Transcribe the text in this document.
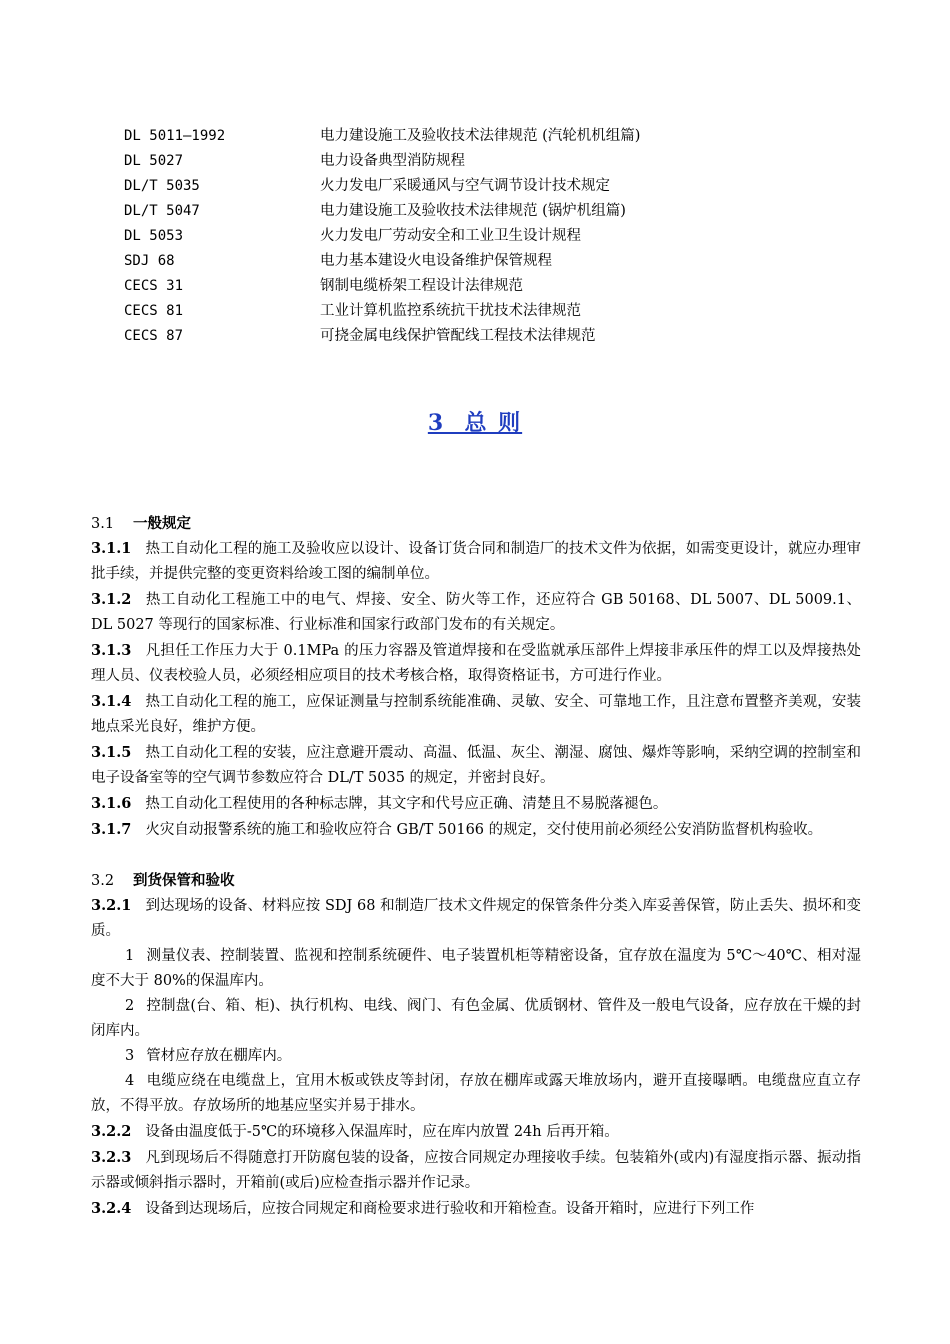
DL 5011—1992	电力建设施工及验收技术法律规范 (汽轮机机组篇)
DL 5027	电力设备典型消防规程
DL/T 5035	火力发电厂采暖通风与空气调节设计技术规定
DL/T 5047	电力建设施工及验收技术法律规范 (锅炉机组篇)
DL 5053	火力发电厂劳动安全和工业卫生设计规程
SDJ 68	电力基本建设火电设备维护保管规程
CECS 31	钢制电缆桥架工程设计法律规范
CECS 81	工业计算机监控系统抗干扰技术法律规范
CECS 87	可挠金属电线保护管配线工程技术法律规范
3  总 则
3.1 一般规定
3.1.1 热工自动化工程的施工及验收应以设计、设备订货合同和制造厂的技术文件为依据，如需变更设计，就应办理审批手续，并提供完整的变更资料给竣工图的编制单位。
3.1.2 热工自动化工程施工中的电气、焊接、安全、防火等工作，还应符合 GB 50168、DL 5007、DL 5009.1、DL 5027 等现行的国家标准、行业标准和国家行政部门发布的有关规定。
3.1.3 凡担任工作压力大于 0.1MPa 的压力容器及管道焊接和在受监就承压部件上焊接非承压件的焊工以及焊接热处理人员、仪表校验人员，必须经相应项目的技术考核合格，取得资格证书，方可进行作业。
3.1.4 热工自动化工程的施工，应保证测量与控制系统能准确、灵敏、安全、可靠地工作，且注意布置整齐美观，安装地点采光良好，维护方便。
3.1.5 热工自动化工程的安装，应注意避开震动、高温、低温、灰尘、潮湿、腐蚀、爆炸等影响，采纳空调的控制室和电子设备室等的空气调节参数应符合 DL/T 5035 的规定，并密封良好。
3.1.6 热工自动化工程使用的各种标志牌，其文字和代号应正确、清楚且不易脱落褪色。
3.1.7 火灾自动报警系统的施工和验收应符合 GB/T 50166 的规定，交付使用前必须经公安消防监督机构验收。
3.2 到货保管和验收
3.2.1 到达现场的设备、材料应按 SDJ 68 和制造厂技术文件规定的保管条件分类入库妥善保管，防止丢失、损坏和变质。
1 测量仪表、控制装置、监视和控制系统硬件、电子装置机柜等精密设备，宜存放在温度为 5℃～40℃、相对湿度不大于 80%的保温库内。
2 控制盘(台、箱、柜)、执行机构、电线、阀门、有色金属、优质钢材、管件及一般电气设备，应存放在干燥的封闭库内。
3 管材应存放在棚库内。
4 电缆应绕在电缆盘上，宜用木板或铁皮等封闭，存放在棚库或露天堆放场内，避开直接曝晒。电缆盘应直立存放，不得平放。存放场所的地基应坚实并易于排水。
3.2.2 设备由温度低于-5℃的环境移入保温库时，应在库内放置 24h 后再开箱。
3.2.3 凡到现场后不得随意打开防腐包装的设备，应按合同规定办理接收手续。包装箱外(或内)有湿度指示器、振动指示器或倾斜指示器时，开箱前(或后)应检查指示器并作记录。
3.2.4 设备到达现场后，应按合同规定和商检要求进行验收和开箱检查。设备开箱时，应进行下列工作
